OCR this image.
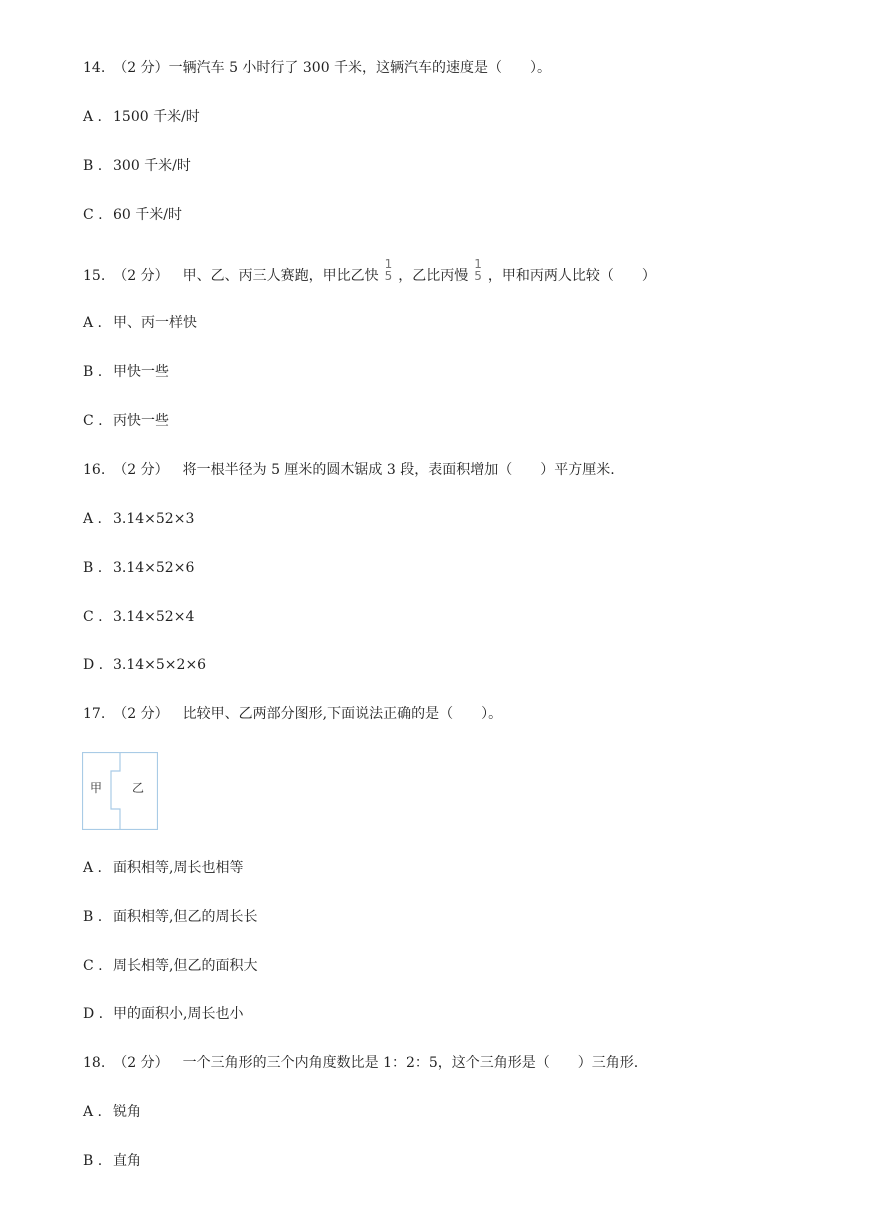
14. （2 分）一辆汽车 5 小时行了 300 千米，这辆汽车的速度是（　　）。
A . 1500 千米/时
B . 300 千米/时
C . 60 千米/时
15. （2 分） 甲、乙、丙三人赛跑，甲比乙快
1
5 ，乙比丙慢
1
5 ，甲和丙两人比较（　　）
A . 甲、丙一样快
B . 甲快一些
C . 丙快一些
16. （2 分） 将一根半径为 5 厘米的圆木锯成 3 段，表面积增加（　　）平方厘米.
A . 3.14×52×3
B . 3.14×52×6
C . 3.14×52×4
D . 3.14×5×2×6
17. （2 分） 比较甲、乙两部分图形,下面说法正确的是（　　）。
甲 乙
A . 面积相等,周长也相等
B . 面积相等,但乙的周长长
C . 周长相等,但乙的面积大
D . 甲的面积小,周长也小
18. （2 分） 一个三角形的三个内角度数比是 1：2：5，这个三角形是（　　）三角形.
A . 锐角
B . 直角
